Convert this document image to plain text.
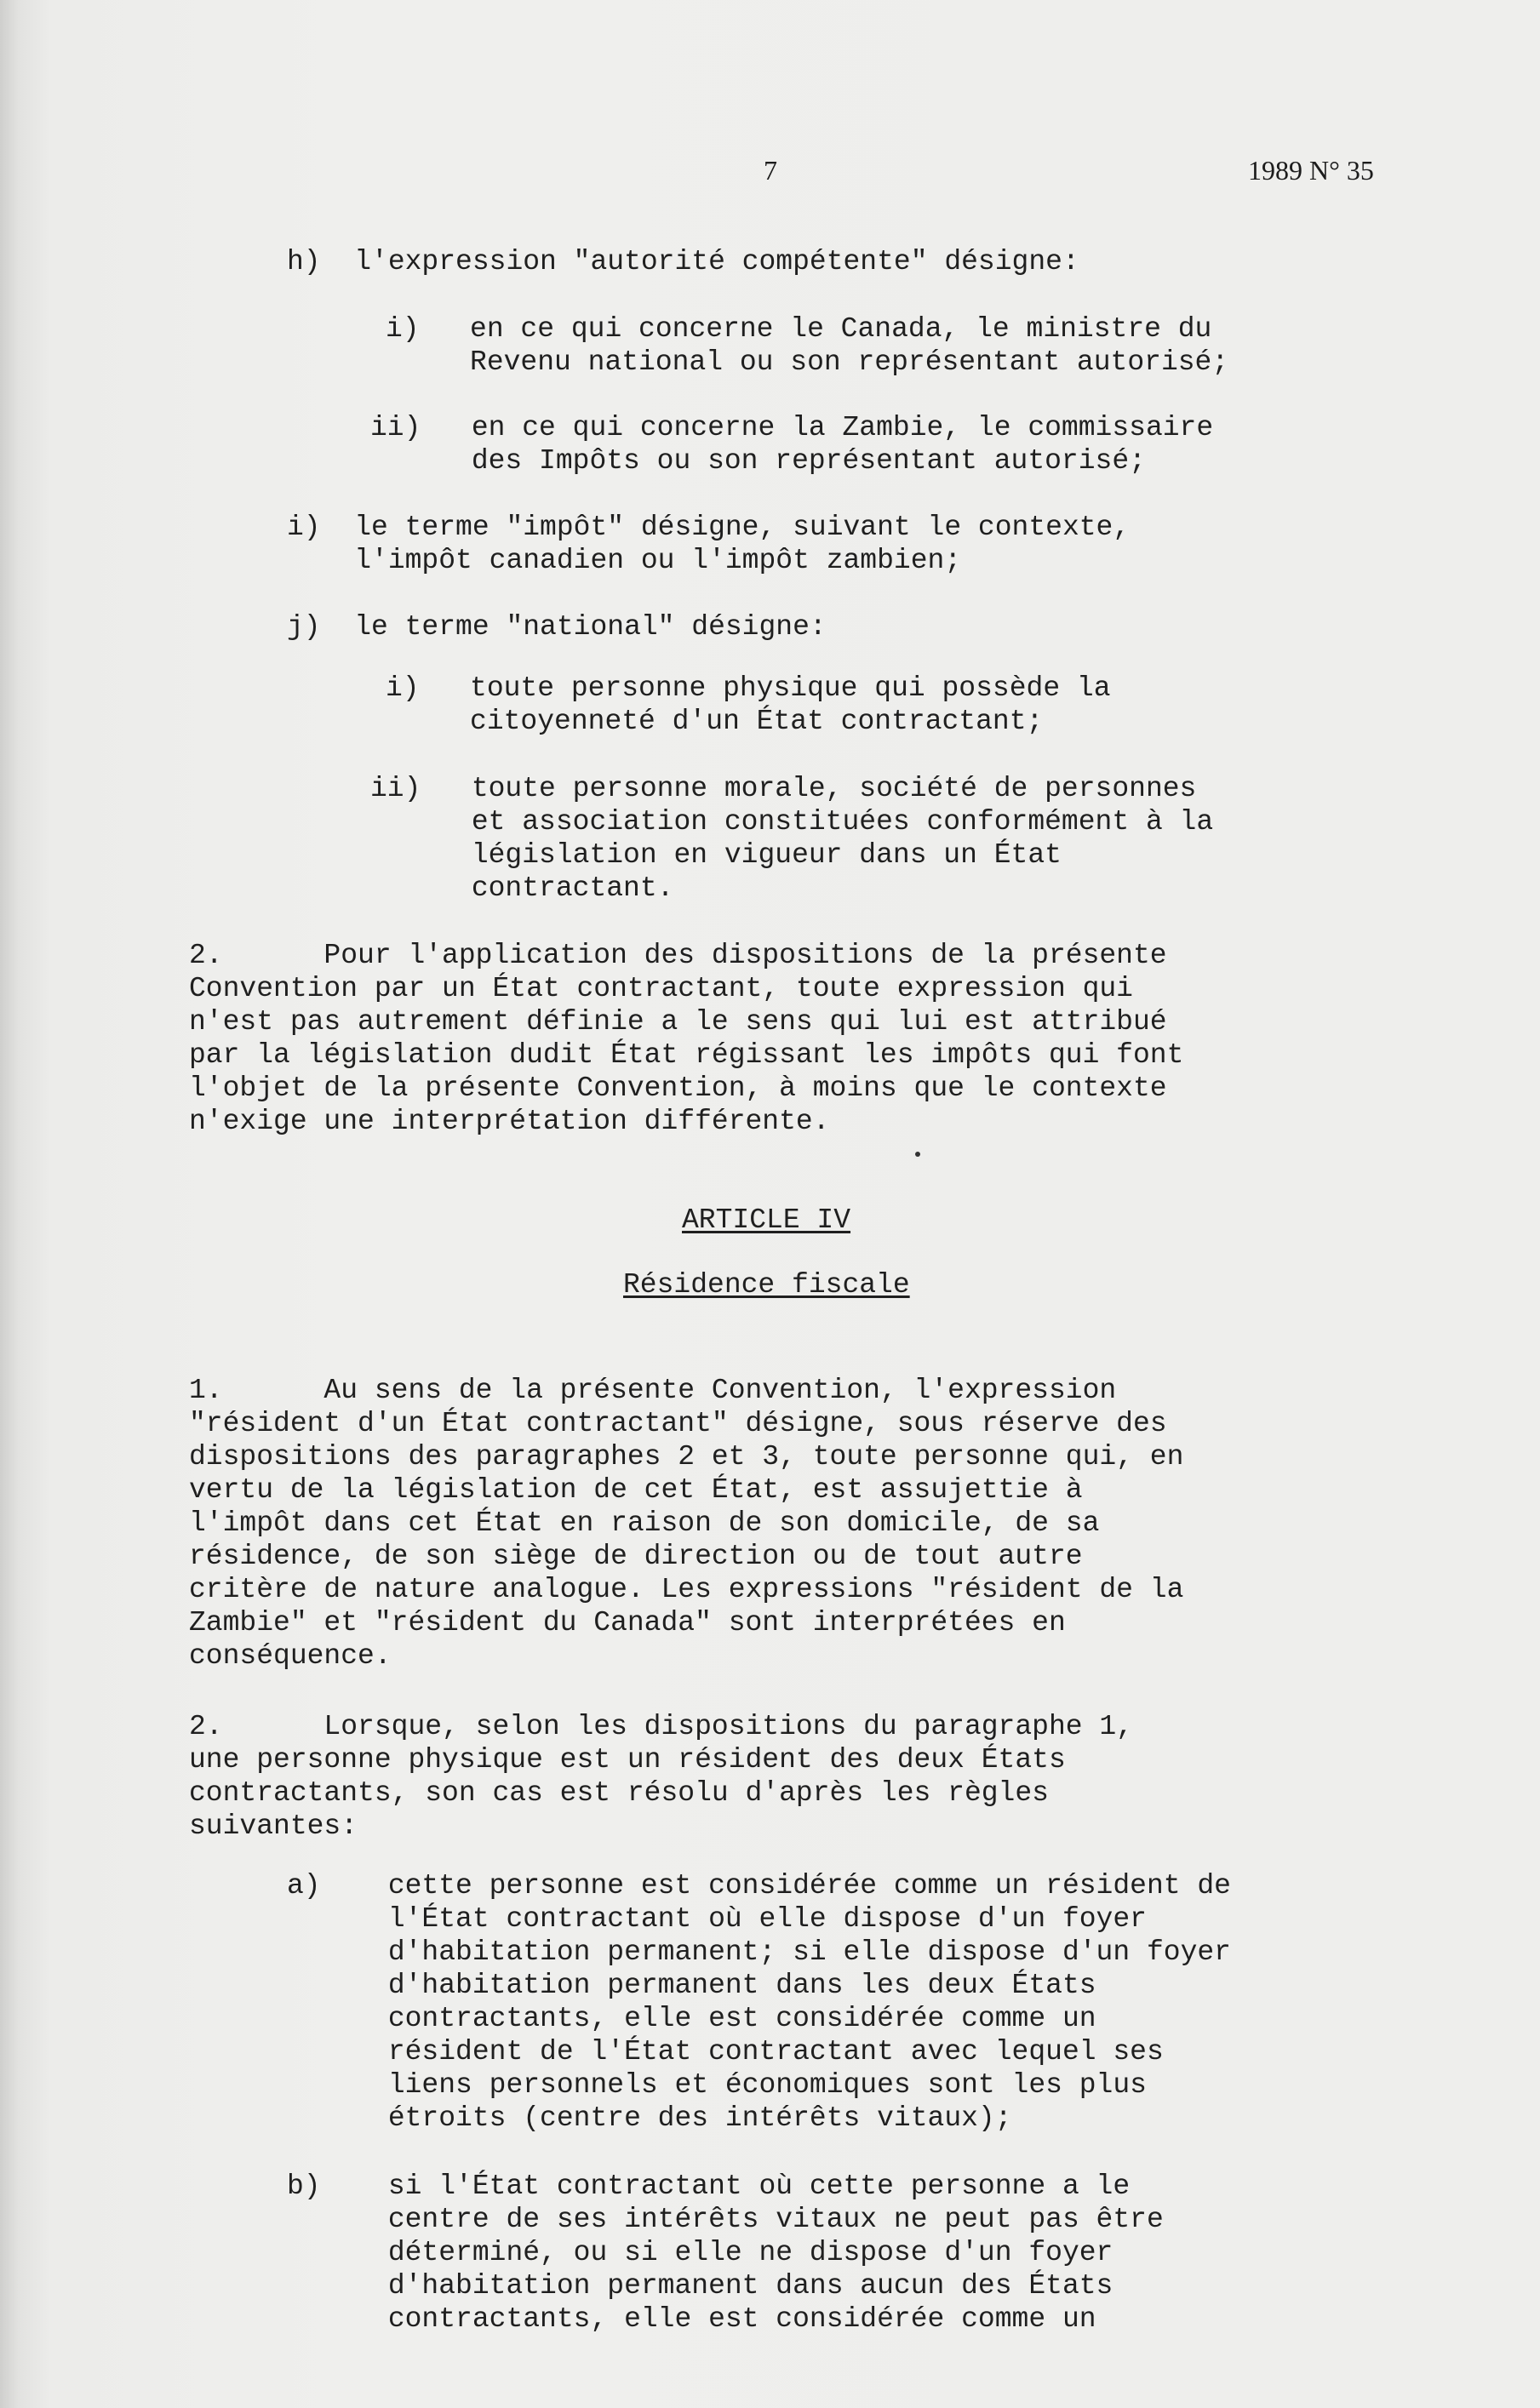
7	1989 N° 35
h)  l'expression "autorité compétente" désigne:
i)   en ce qui concerne le Canada, le ministre du
Revenu national ou son représentant autorisé;
ii)   en ce qui concerne la Zambie, le commissaire
des Impôts ou son représentant autorisé;
i)  le terme "impôt" désigne, suivant le contexte,
l'impôt canadien ou l'impôt zambien;
j)  le terme "national" désigne:
i)   toute personne physique qui possède la
citoyenneté d'un État contractant;
ii)   toute personne morale, société de personnes
et association constituées conformément à la
législation en vigueur dans un État
contractant.
2.      Pour l'application des dispositions de la présente
Convention par un État contractant, toute expression qui
n'est pas autrement définie a le sens qui lui est attribué
par la législation dudit État régissant les impôts qui font
l'objet de la présente Convention, à moins que le contexte
n'exige une interprétation différente.
ARTICLE IV
Résidence fiscale
1.      Au sens de la présente Convention, l'expression
"résident d'un État contractant" désigne, sous réserve des
dispositions des paragraphes 2 et 3, toute personne qui, en
vertu de la législation de cet État, est assujettie à
l'impôt dans cet État en raison de son domicile, de sa
résidence, de son siège de direction ou de tout autre
critère de nature analogue. Les expressions "résident de la
Zambie" et "résident du Canada" sont interprétées en
conséquence.
2.      Lorsque, selon les dispositions du paragraphe 1,
une personne physique est un résident des deux États
contractants, son cas est résolu d'après les règles
suivantes:
a)    cette personne est considérée comme un résident de
l'État contractant où elle dispose d'un foyer
d'habitation permanent; si elle dispose d'un foyer
d'habitation permanent dans les deux États
contractants, elle est considérée comme un
résident de l'État contractant avec lequel ses
liens personnels et économiques sont les plus
étroits (centre des intérêts vitaux);
b)    si l'État contractant où cette personne a le
centre de ses intérêts vitaux ne peut pas être
déterminé, ou si elle ne dispose d'un foyer
d'habitation permanent dans aucun des États
contractants, elle est considérée comme un
